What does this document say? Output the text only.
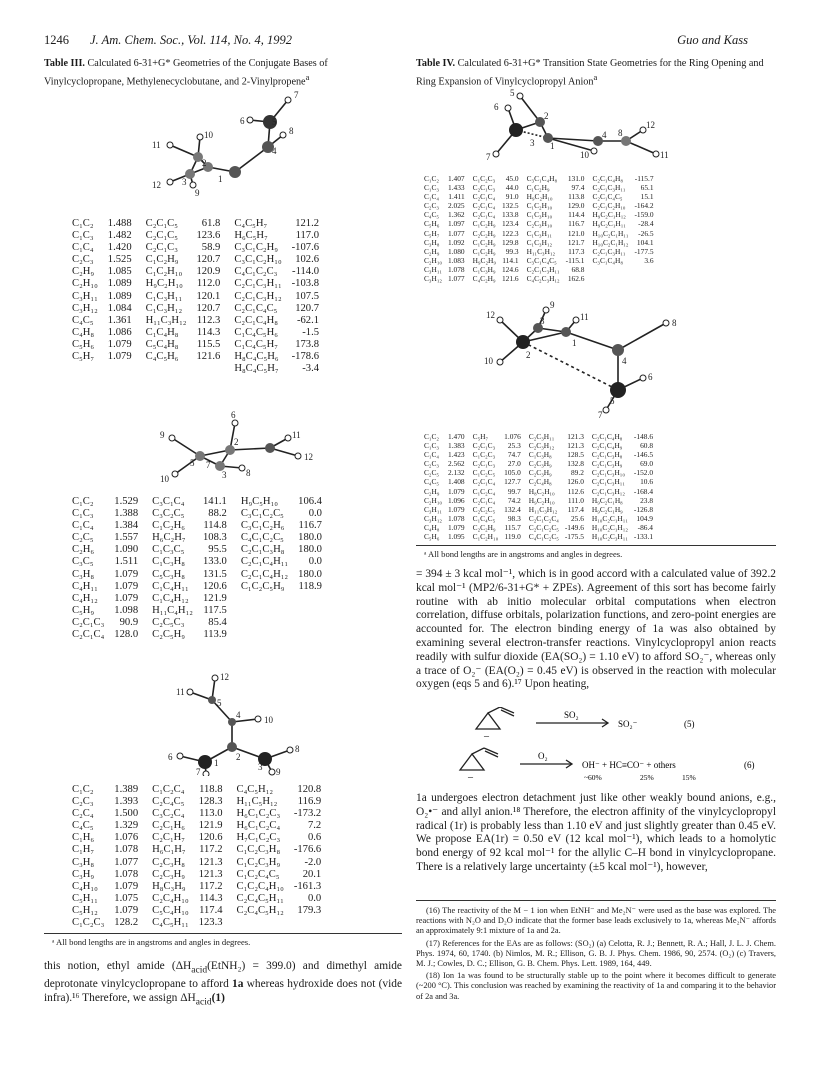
1246 J. Am. Chem. Soc., Vol. 114, No. 4, 1992	Guo and Kass
Table III. Calculated 6-31+G* Geometries of the Conjugate Bases of Vinylcyclopropane, Methylenecyclobutane, and 2-Vinylpropene$^a$
7
5
6
8
4
10
11
2
1
3
9
12
C₁C₂	1.488	C₂C₁C₅	61.8	C₄C₅H₇	121.2
C₁C₃	1.482	C₂C₁C₅	123.6	H₆C₅H₇	117.0
C₁C₄	1.420	C₂C₁C₃	58.9	C₃C₁C₂H₉	-107.6
C₂C₃	1.525	C₁C₂H₉	120.7	C₃C₁C₂H₁₀	102.6
C₂H₉	1.085	C₁C₂H₁₀	120.9	C₄C₁C₂C₃	-114.0
C₂H₁₀	1.089	H₉C₂H₁₀	112.0	C₂C₁C₃H₁₁	-103.8
C₃H₁₁	1.089	C₁C₃H₁₁	120.1	C₂C₁C₃H₁₂	107.5
C₃H₁₂	1.084	C₁C₃H₁₂	120.7	C₂C₁C₄C₅	120.7
C₄C₅	1.361	H₁₁C₃H₁₂	112.3	C₂C₁C₄H₈	-62.1
C₄H₈	1.086	C₁C₄H₈	114.3	C₁C₄C₅H₆	-1.5
C₅H₆	1.079	C₅C₄H₈	115.5	C₁C₄C₅H₇	173.8
C₅H₇	1.079	C₄C₅H₆	121.6	H₈C₄C₅H₆	-178.6
				H₈C₄C₅H₇	-3.4
6
9
2
11
12
5 7
3 8
10
C₁C₂	1.529	C₃C₁C₄	141.1	H₉C₅H₁₀	106.4
C₁C₃	1.388	C₃C₂C₅	88.2	C₃C₁C₂C₅	0.0
C₁C₄	1.384	C₁C₂H₆	114.8	C₃C₁C₂H₆	116.7
C₂C₅	1.557	H₆C₂H₇	108.3	C₄C₁C₂C₅	180.0
C₂H₆	1.090	C₁C₃C₅	95.5	C₂C₁C₃H₈	180.0
C₃C₅	1.511	C₁C₃H₈	133.0	C₂C₁C₄H₁₁	0.0
C₃H₈	1.079	C₅C₃H₈	131.5	C₂C₁C₄H₁₂	180.0
C₄H₁₁	1.079	C₁C₄H₁₁	120.6	C₁C₂C₅H₉	118.9
C₄H₁₂	1.079	C₁C₄H₁₂	121.9		
C₅H₉	1.098	H₁₁C₄H₁₂	117.5		
C₂C₁C₃	90.9	C₂C₅C₃	85.4		
C₂C₁C₄	128.0	C₂C₅H₉	113.9		
12
11
5
4	10
6
1
2
8
7	3 9
C₁C₂	1.389	C₁C₂C₄	118.8	C₄C₅H₁₂	120.8
C₂C₃	1.393	C₂C₄C₅	128.3	H₁₁C₅H₁₂	116.9
C₂C₄	1.500	C₃C₂C₄	113.0	H₆C₁C₂C₃	-173.2
C₄C₅	1.329	C₂C₁H₆	121.9	H₆C₁C₂C₄	7.2
C₁H₆	1.076	C₂C₁H₇	120.6	H₇C₁C₂C₃	0.6
C₁H₇	1.078	H₆C₁H₇	117.2	C₁C₂C₃H₈	-176.6
C₃H₈	1.077	C₂C₃H₈	121.3	C₁C₂C₃H₉	-2.0
C₃H₉	1.078	C₂C₃H₉	121.3	C₁C₂C₄C₅	20.1
C₄H₁₀	1.079	H₈C₃H₉	117.2	C₁C₂C₄H₁₀	-161.3
C₅H₁₁	1.075	C₂C₄H₁₀	114.3	C₂C₄C₅H₁₁	0.0
C₅H₁₂	1.079	C₅C₄H₁₀	117.4	C₂C₄C₅H₁₂	179.3
C₁C₂C₃	128.2	C₄C₅H₁₁	123.3		
ᵃ All bond lengths are in angstroms and angles in degrees.

this notion, ethyl amide $(\Delta H_{acid}(EtNH_2) = 399.0)$ and dimethyl amide deprotonate vinylcyclopropane to afford 1a whereas hydroxide does not (vide infra).¹⁶ Therefore, we assign $\Delta H_{acid}(1)$

Table IV. Calculated 6-31+G* Transition State Geometries for the Ring Opening and Ring Expansion of Vinylcyclopropyl Anion$^a$
5
6
2
3
4
1
8
12
10	11
7
C₁C₂	1.407	C₁C₂C₃	45.0	C₃C₁C₄H₈	131.0	C₂C₁C₄H₈	-115.7
C₁C₃	1.433	C₂C₁C₃	44.0	C₁C₂H₉	97.4	C₂C₁C₃H₁₁	65.1
C₁C₄	1.411	C₂C₁C₄	91.0	H₉C₂H₁₀	113.8	C₂C₁C₄C₅	15.1
C₂C₃	2.025	C₂C₁C₄	132.5	C₁C₂H₁₀	129.0	C₂C₁C₂H₁₀	-164.2
C₄C₅	1.362	C₂C₁C₄	133.8	C₁C₃H₁₀	114.4	H₉C₂C₁H₁₂	-159.0
C₅H₆	1.097	C₁C₂H₉	123.4	C₂C₃H₁₀	116.7	H₉C₂C₁H₁₁	-28.4
C₅H₇	1.077	C₂C₂H₉	122.3	C₁C₃H₁₁	121.0	H₁₀C₂C₁H₁₁	-26.5
C₃H₈	1.092	C₁C₂H₉	129.8	C₁C₃H₁₂	121.7	H₁₀C₂C₁H₁₂	104.1
C₂H₉	1.080	C₁C₂H₉	99.3	H₁₁C₃H₁₂	117.3	C₂C₁C₃H₁₁	-177.5
C₂H₁₀	1.083	H₉C₂H₉	114.1	C₃C₁C₄C₅	-115.1	C₃C₁C₄H₈	3.6
C₃H₁₁	1.078	C₁C₃H₉	124.6	C₂C₁C₃H₁₁	68.8		
C₃H₁₂	1.077	C₄C₂H₉	121.6	C₄C₂C₃H₁₂	162.6		
12
9
3	11
8
1
4
10
2
6
5
7
C₁C₂	1.470	C₅H₇	1.076	C₂C₃H₁₁	121.3	C₂C₁C₄H₈	-148.6
C₁C₃	1.383	C₂C₁C₃	25.3	C₂C₃H₁₂	121.3	C₂C₁C₄H₉	60.8
C₁C₄	1.423	C₁C₂C₃	74.7	C₁C₃H₈	128.5	C₂C₁C₃H₈	-146.5
C₂C₃	2.562	C₂C₁C₃	27.0	C₂C₃H₉	132.8	C₂C₁C₃H₉	69.0
C₂C₅	2.132	C₁C₂C₅	105.0	C₂C₃H₉	89.2	C₂C₁C₃H₁₀	-152.0
C₄C₅	1.408	C₂C₁C₄	127.7	C₂C₄H₈	126.0	C₂C₁C₃H₁₁	10.6
C₂H₉	1.079	C₁C₂C₄	99.7	H₈C₂H₁₀	112.6	C₂C₁C₃H₁₂	-168.4
C₂H₁₀	1.096	C₂C₁C₄	74.2	H₉C₂H₁₀	111.0	H₉C₂C₁H₈	23.8
C₃H₁₁	1.079	C₂C₂C₅	132.4	H₁₁C₃H₁₂	117.4	H₉C₂C₁H₉	-126.8
C₃H₁₂	1.078	C₁C₄C₅	98.3	C₂C₁C₂C₄	25.6	H₁₀C₂C₁H₁₁	104.9
C₄H₈	1.079	C₂C₂H₉	115.7	C₂C₁C₂C₅	-149.6	H₁₀C₂C₁H₁₂	-86.4
C₅H₆	1.095	C₁C₂H₁₀	119.0	C₄C₁C₂C₅	-175.5	H₁₀C₂C₃H₁₁	-133.1
ᵃ All bond lengths are in angstroms and angles in degrees.

= 394 ± 3 kcal mol⁻¹, which is in good accord with a calculated value of 392.2 kcal mol⁻¹ (MP2/6-31+G* + ZPEs). Agreement of this sort has become fairly routine with ab initio molecular orbital computations when electron correlation, diffuse orbitals, polarization functions, and zero-point energies are accounted for. The electron binding energy of 1a was also obtained by examining several electron-transfer reactions. Vinylcyclopropyl anion reacts readily with sulfur dioxide (EA(SO₂) = 1.10 eV) to afford SO₂⁻, whereas only a trace of O₂⁻ (EA(O₂) = 0.45 eV) is observed in the reaction with molecular oxygen (eqs 5 and 6).¹⁷ Upon heating,

–
SO₂
SO₂⁻	(5)
–
O₂
OH⁻ + HC≡CO⁻ + others
~60%	25%	15%
(6)

1a undergoes electron detachment just like other weakly bound anions, e.g., O₂•⁻ and allyl anion.¹⁸ Therefore, the electron affinity of the vinylcyclopropyl radical (1r) is probably less than 1.10 eV and just slightly greater than 0.45 eV. We propose EA(1r) = 0.50 eV (12 kcal mol⁻¹), which leads to a homolytic bond energy of 92 kcal mol⁻¹ for the allylic C–H bond in vinylcyclopropane. There is a relatively large uncertainty (±5 kcal mol⁻¹), however,

(16) The reactivity of the M − 1 ion when EtNH⁻ and Me₂N⁻ were used as the base was explored. The reactions with N₂O and D₂O indicate that the former base leads exclusively to 1a, whereas Me₂N⁻ affords an approximately 9:1 mixture of 1a and 2a.

(17) References for the EAs are as follows: (SO₂) (a) Celotta, R. J.; Bennett, R. A.; Hall, J. L. J. Chem. Phys. 1974, 60, 1740. (b) Nimlos, M. R.; Ellison, G. B. J. Phys. Chem. 1986, 90, 2574. (O₂) (c) Travers, M. J.; Cowles, D. C.; Ellison, G. B. Chem. Phys. Lett. 1989, 164, 449.

(18) Ion 1a was found to be structurally stable up to the point where it becomes difficult to generate (~200 °C). This conclusion was reached by examining the reactivity of 1a and comparing it to the behavior of 2a and 3a.
